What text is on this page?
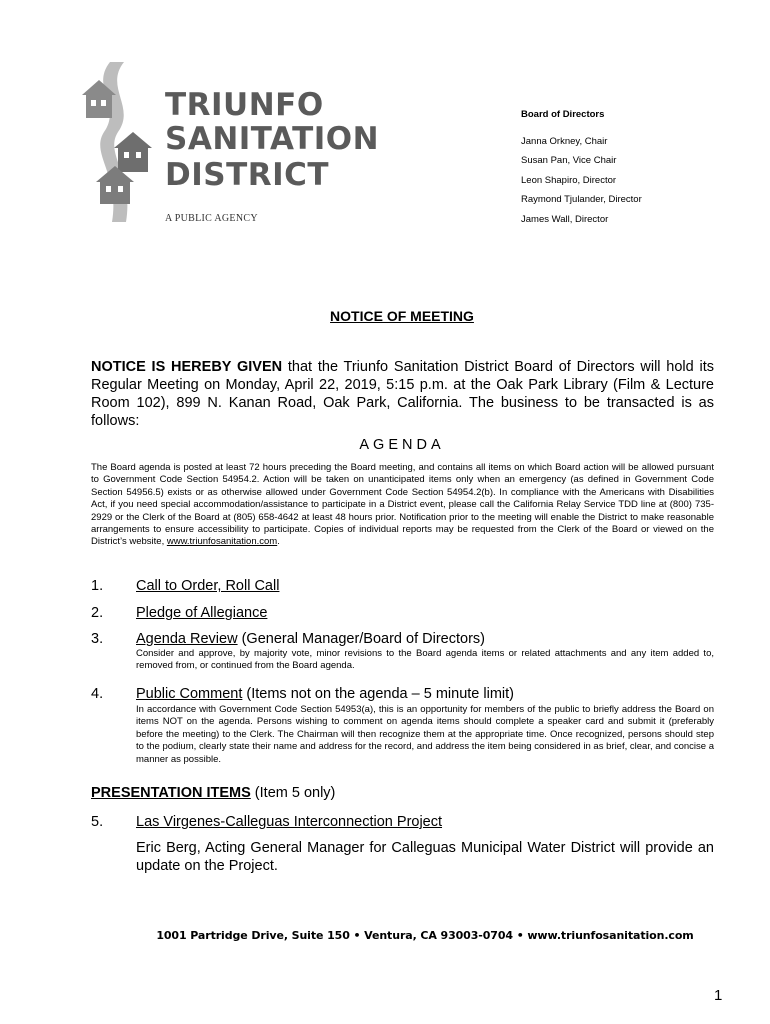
TRIUNFO
SANITATION
DISTRICT
A PUBLIC AGENCY
Board of Directors
Janna Orkney, Chair
Susan Pan, Vice Chair
Leon Shapiro, Director
Raymond Tjulander, Director
James Wall, Director
NOTICE OF MEETING
NOTICE IS HEREBY GIVEN that the Triunfo Sanitation District Board of Directors will hold its Regular Meeting on Monday, April 22, 2019, 5:15 p.m. at the Oak Park Library (Film & Lecture Room 102), 899 N. Kanan Road, Oak Park, California. The business to be transacted is as follows:
AGENDA
The Board agenda is posted at least 72 hours preceding the Board meeting, and contains all items on which Board action will be allowed pursuant to Government Code Section 54954.2. Action will be taken on unanticipated items only when an emergency (as defined in Government Code Section 54956.5) exists or as otherwise allowed under Government Code Section 54954.2(b). In compliance with the Americans with Disabilities Act, if you need special accommodation/assistance to participate in a District event, please call the California Relay Service TDD line at (800) 735-2929 or the Clerk of the Board at (805) 658-4642 at least 48 hours prior. Notification prior to the meeting will enable the District to make reasonable arrangements to ensure accessibility to participate. Copies of individual reports may be requested from the Clerk of the Board or viewed on the District’s website, www.triunfosanitation.com.
1. Call to Order, Roll Call
2. Pledge of Allegiance
3. Agenda Review (General Manager/Board of Directors)
Consider and approve, by majority vote, minor revisions to the Board agenda items or related attachments and any item added to, removed from, or continued from the Board agenda.
4. Public Comment (Items not on the agenda – 5 minute limit)
In accordance with Government Code Section 54953(a), this is an opportunity for members of the public to briefly address the Board on items NOT on the agenda. Persons wishing to comment on agenda items should complete a speaker card and submit it (preferably before the meeting) to the Clerk. The Chairman will then recognize them at the appropriate time. Once recognized, persons should step to the podium, clearly state their name and address for the record, and address the item being considered in as brief, clear, and concise a manner as possible.
PRESENTATION ITEMS (Item 5 only)
5. Las Virgenes-Calleguas Interconnection Project
Eric Berg, Acting General Manager for Calleguas Municipal Water District will provide an update on the Project.
1001 Partridge Drive, Suite 150 • Ventura, CA 93003-0704 • www.triunfosanitation.com
1
